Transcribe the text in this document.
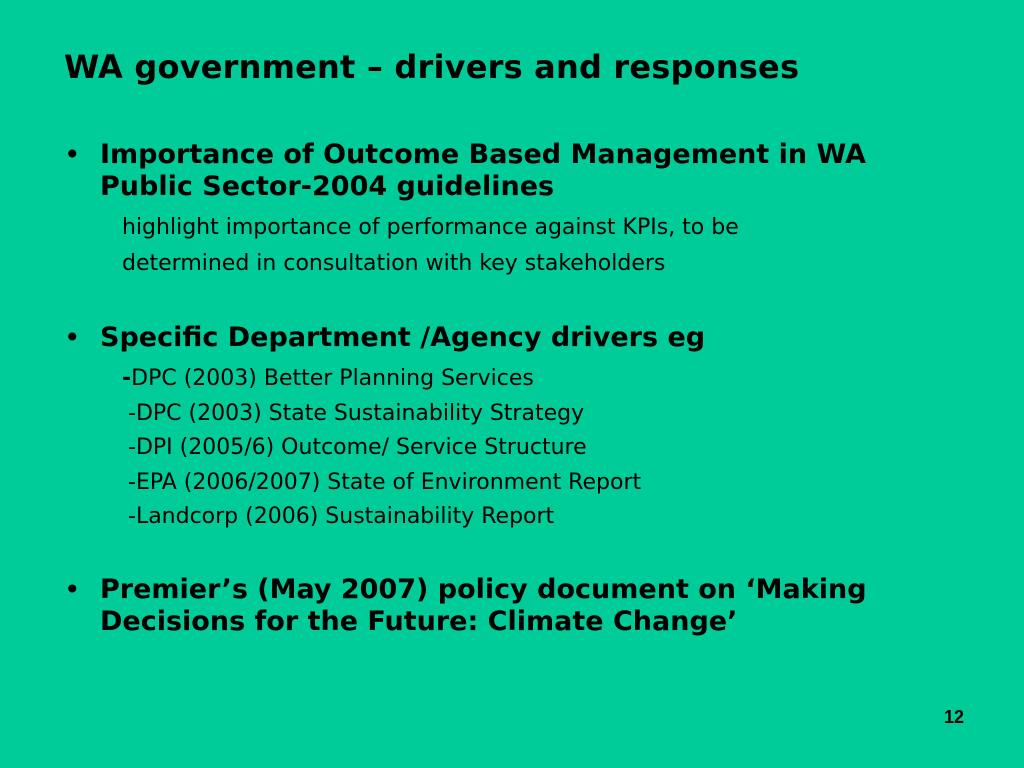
WA government – drivers and responses
• Importance of Outcome Based Management in WA
Public Sector-2004 guidelines
highlight importance of performance against KPIs, to be
determined in consultation with key stakeholders
• Specific Department /Agency drivers eg
-DPC (2003) Better Planning Services
-DPC (2003) State Sustainability Strategy
-DPI (2005/6) Outcome/ Service Structure
-EPA (2006/2007) State of Environment Report
-Landcorp (2006) Sustainability Report
• Premier’s (May 2007) policy document on ‘Making
Decisions for the Future: Climate Change’
12
